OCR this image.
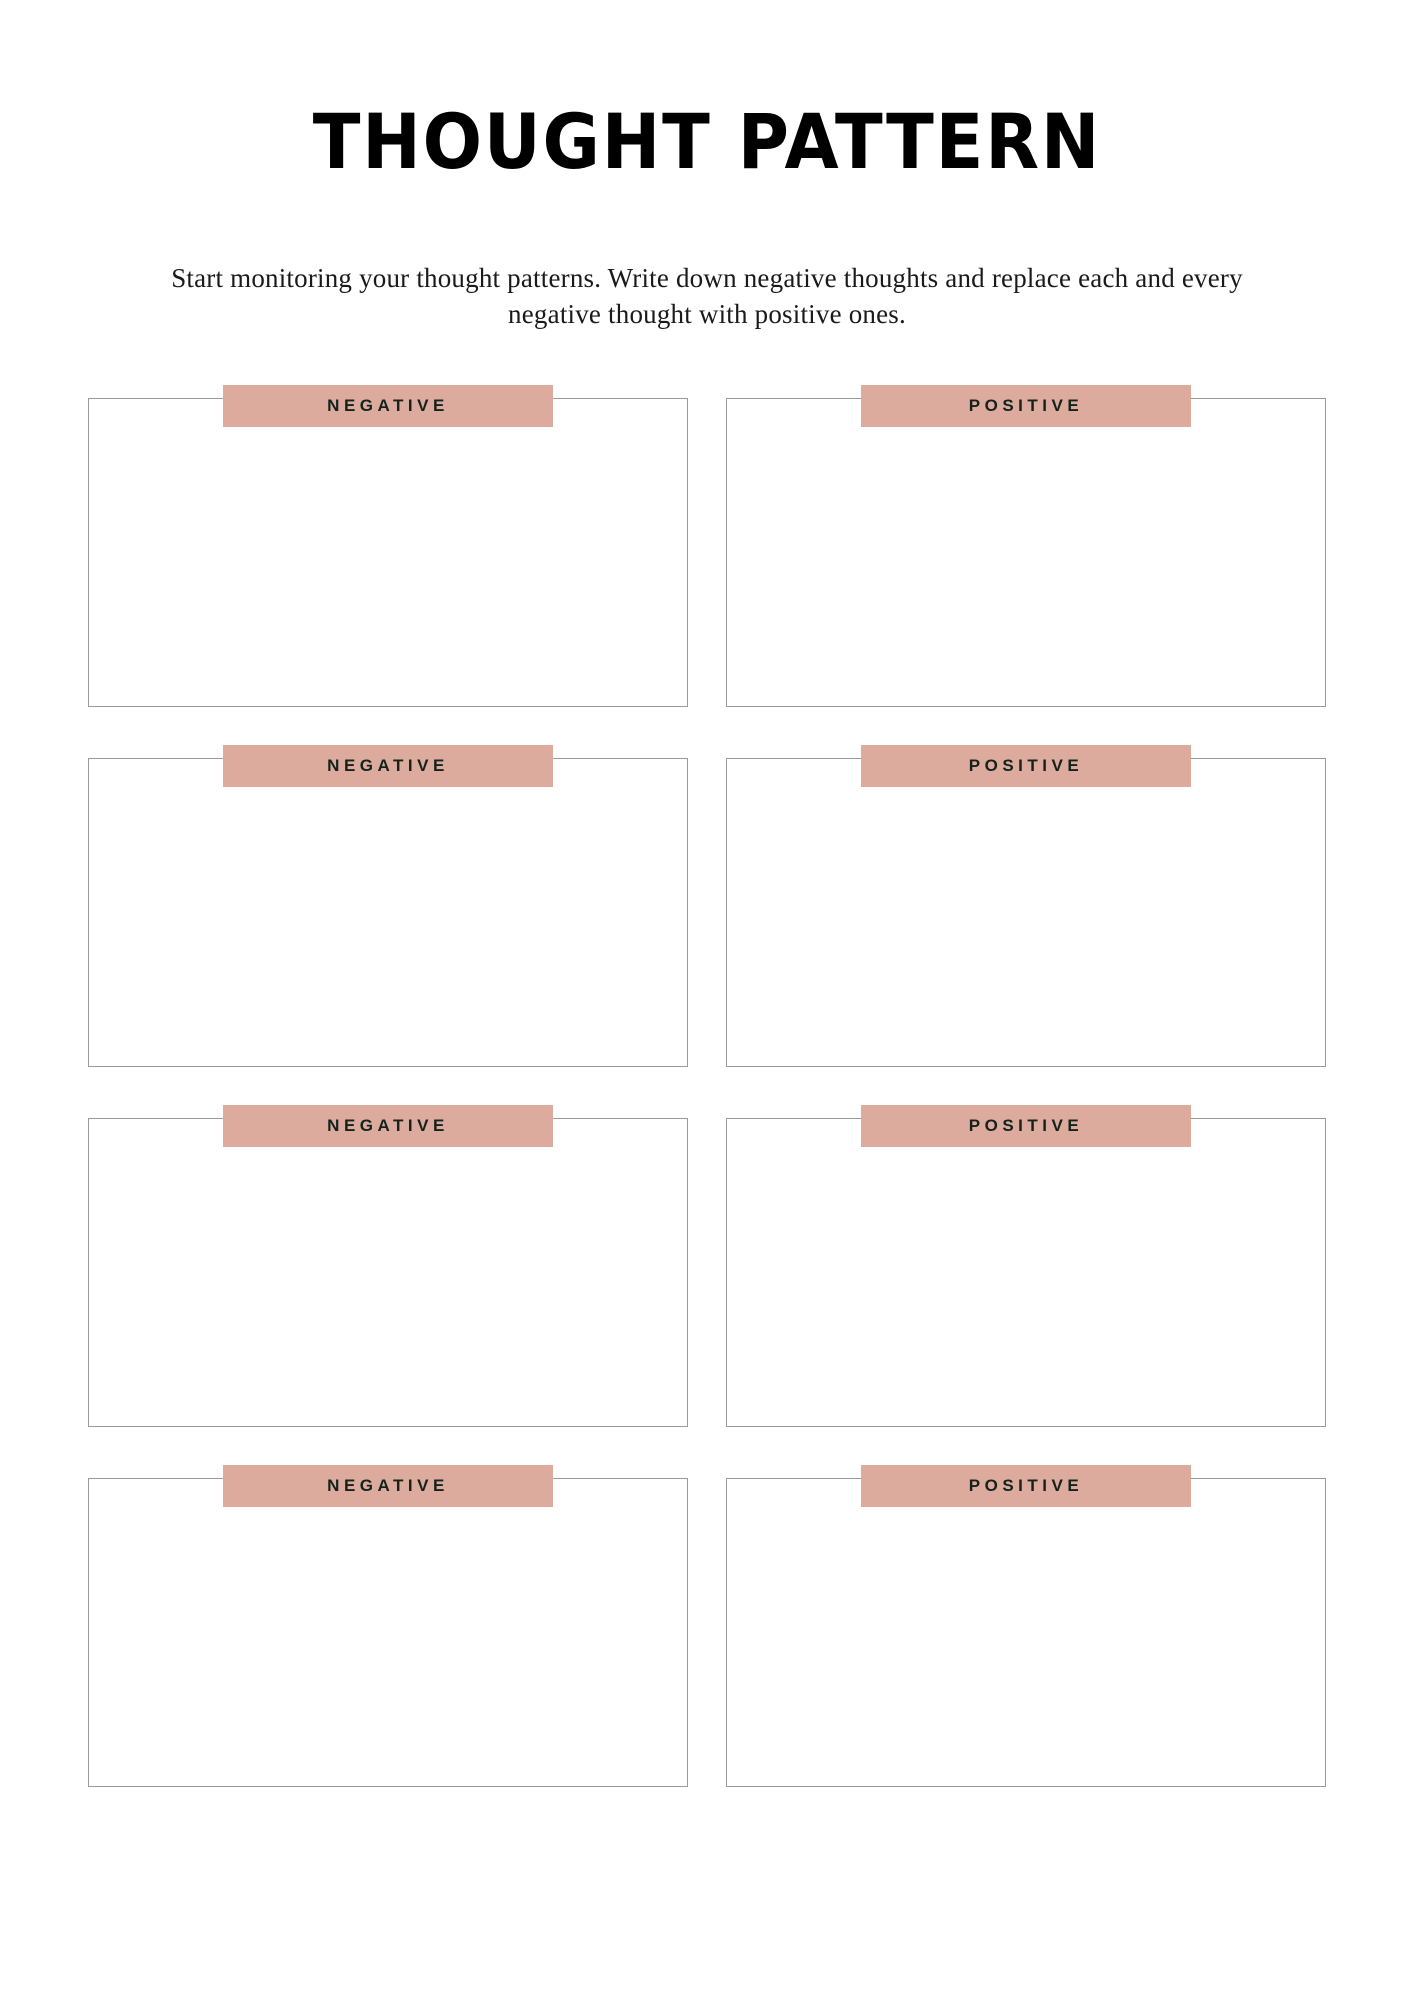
THOUGHT PATTERN

Start monitoring your thought patterns. Write down negative thoughts and replace each and every negative thought with positive ones.

NEGATIVE	POSITIVE
NEGATIVE	POSITIVE
NEGATIVE	POSITIVE
NEGATIVE	POSITIVE
